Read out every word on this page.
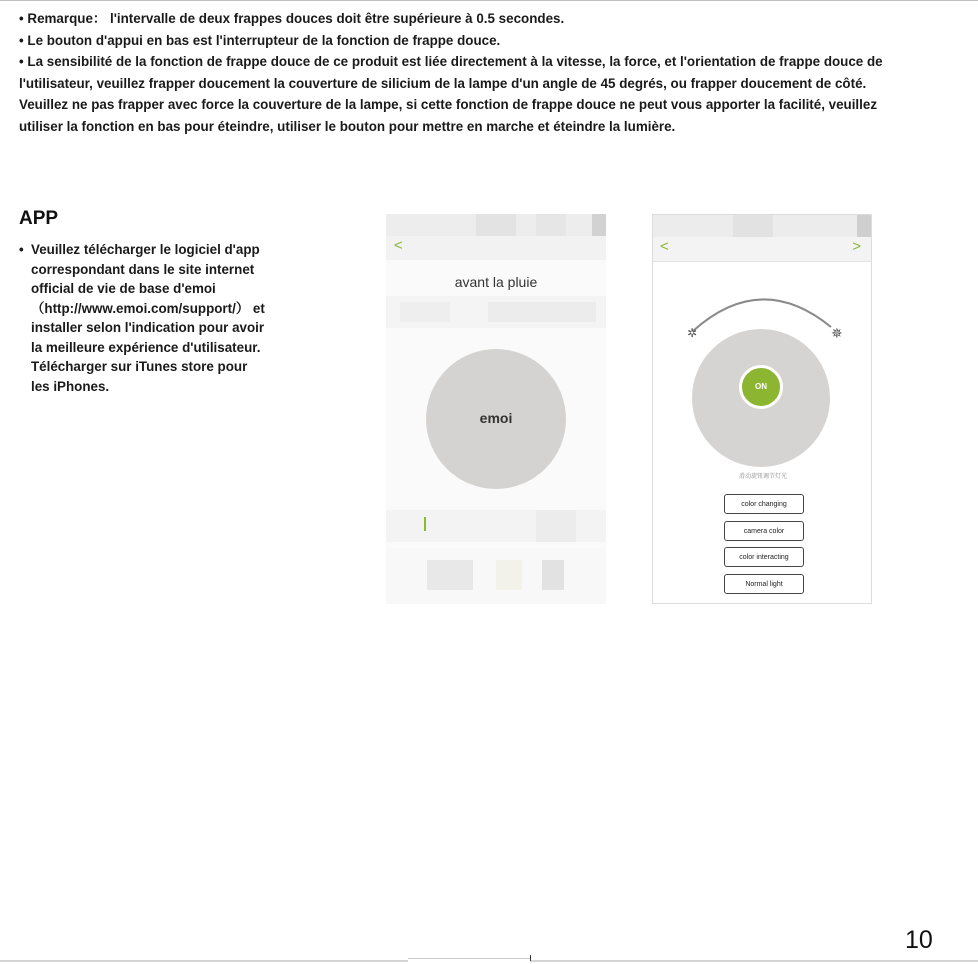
• Remarque： l'intervalle de deux frappes douces doit être supérieure à 0.5 secondes.

• Le bouton d'appui en bas est l'interrupteur de la fonction de frappe douce.

• La sensibilité de la fonction de frappe douce de ce produit est liée directement à la vitesse, la force, et l'orientation de frappe douce de l'utilisateur, veuillez frapper doucement la couverture de silicium de la lampe d'un angle de 45 degrés, ou frapper doucement de côté. Veuillez ne pas frapper avec force la couverture de la lampe, si cette fonction de frappe douce ne peut vous apporter la facilité, veuillez utiliser la fonction en bas pour éteindre, utiliser le bouton pour mettre en marche et éteindre la lumière.

APP
• Veuillez télécharger le logiciel d'app
correspondant dans le site internet
official de vie de base d'emoi
（http://www.emoi.com/support/） et
installer selon l'indication pour avoir
la meilleure expérience d'utilisateur.
Télécharger sur iTunes store pour
les iPhones.
<
avant la pluie
emoi
<	>
✲	✵
ON
滑动旋钮调节灯光
color changing
camera color
color interacting
Normal light
10
